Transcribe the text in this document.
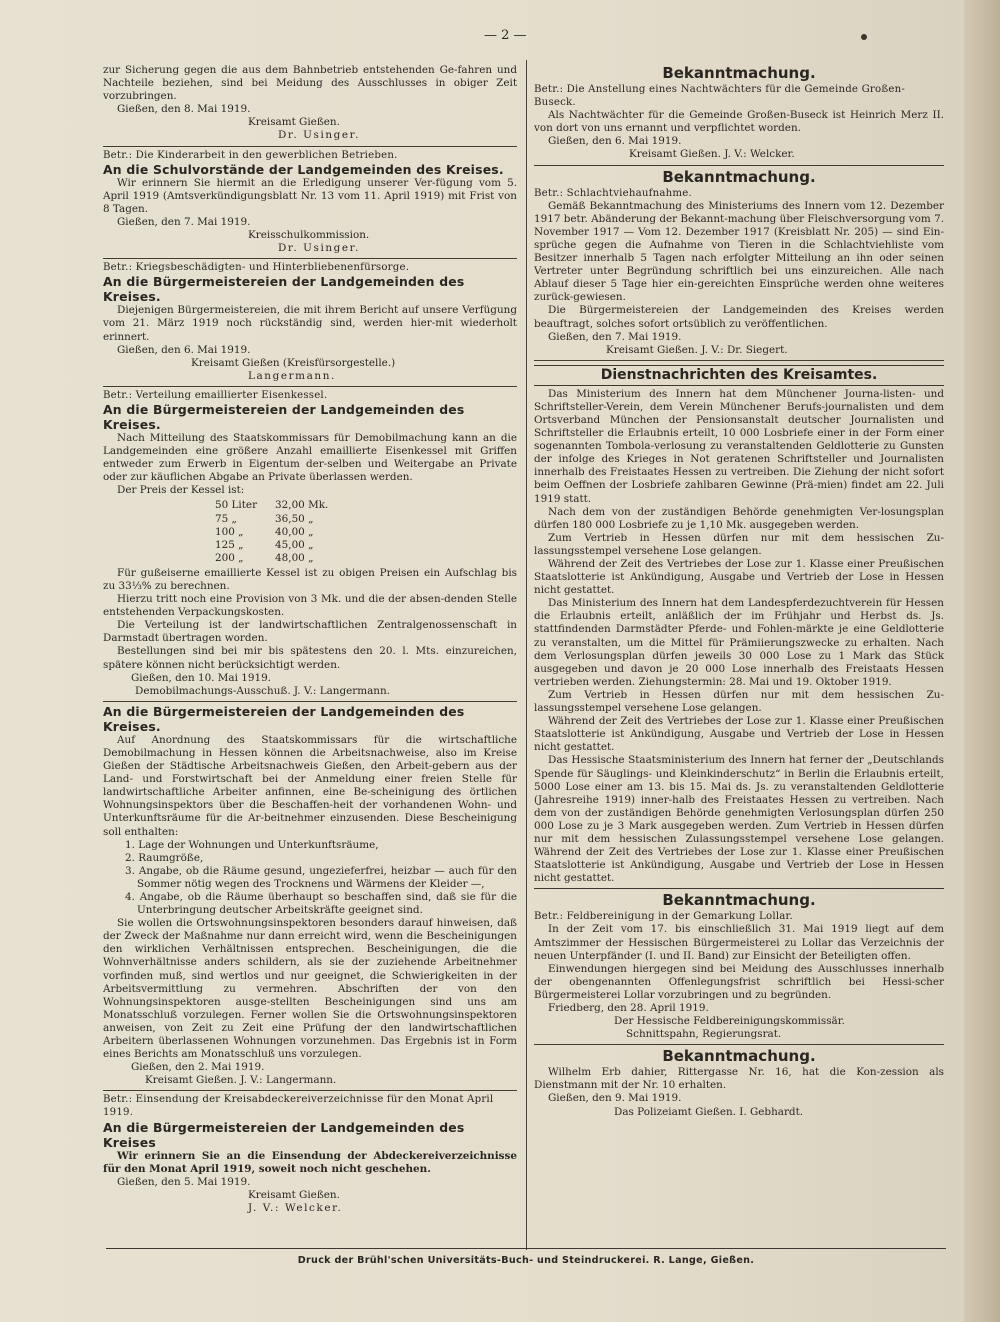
— 2 —

zur Sicherung gegen die aus dem Bahnbetrieb entstehenden Ge-fahren und Nachteile beziehen, sind bei Meidung des Ausschlusses in obiger Zeit vorzubringen.

Gießen, den 8. Mai 1919.
Kreisamt Gießen.
Dr. Usinger.
Betr.: Die Kinderarbeit in den gewerblichen Betrieben.
An die Schulvorstände der Landgemeinden des Kreises.

Wir erinnern Sie hiermit an die Erledigung unserer Ver-fügung vom 5. April 1919 (Amtsverkündigungsblatt Nr. 13 vom 11. April 1919) mit Frist von 8 Tagen.

Gießen, den 7. Mai 1919.
Kreisschulkommission.
Dr. Usinger.
Betr.: Kriegsbeschädigten- und Hinterbliebenenfürsorge.
An die Bürgermeistereien der Landgemeinden des Kreises.

Diejenigen Bürgermeistereien, die mit ihrem Bericht auf unsere Verfügung vom 21. März 1919 noch rückständig sind, werden hier-mit wiederholt erinnert.

Gießen, den 6. Mai 1919.
Kreisamt Gießen (Kreisfürsorgestelle.)
Langermann.
Betr.: Verteilung emaillierter Eisenkessel.
An die Bürgermeistereien der Landgemeinden des Kreises.

Nach Mitteilung des Staatskommissars für Demobilmachung kann an die Landgemeinden eine größere Anzahl emaillierte Eisenkessel mit Griffen entweder zum Erwerb in Eigentum der-selben und Weitergabe an Private oder zur käuflichen Abgabe an Private überlassen werden.

Der Preis der Kessel ist:

50 Liter	32,00 Mk.
75 „	36,50 „
100 „	40,00 „
125 „	45,00 „
200 „	48,00 „

Für gußeiserne emaillierte Kessel ist zu obigen Preisen ein Aufschlag bis zu 33⅓% zu berechnen.

Hierzu tritt noch eine Provision von 3 Mk. und die der absen-denden Stelle entstehenden Verpackungskosten.

Die Verteilung ist der landwirtschaftlichen Zentralgenossenschaft in Darmstadt übertragen worden.

Bestellungen sind bei mir bis spätestens den 20. l. Mts. einzureichen, spätere können nicht berücksichtigt werden.

Gießen, den 10. Mai 1919.
Demobilmachungs-Ausschuß. J. V.: Langermann.
An die Bürgermeistereien der Landgemeinden des Kreises.

Auf Anordnung des Staatskommissars für die wirtschaftliche Demobilmachung in Hessen können die Arbeitsnachweise, also im Kreise Gießen der Städtische Arbeitsnachweis Gießen, den Arbeit-gebern aus der Land- und Forstwirtschaft bei der Anmeldung einer freien Stelle für landwirtschaftliche Arbeiter anfinnen, eine Be-scheinigung des örtlichen Wohnungsinspektors über die Beschaffen-heit der vorhandenen Wohn- und Unterkunftsräume für die Ar-beitnehmer einzusenden. Diese Bescheinigung soll enthalten:

1. Lage der Wohnungen und Unterkunftsräume,

2. Raumgröße,

3. Angabe, ob die Räume gesund, ungezieferfrei, heizbar — auch für den Sommer nötig wegen des Trocknens und Wärmens der Kleider —,

4. Angabe, ob die Räume überhaupt so beschaffen sind, daß sie für die Unterbringung deutscher Arbeitskräfte geeignet sind.

Sie wollen die Ortswohnungsinspektoren besonders darauf hinweisen, daß der Zweck der Maßnahme nur dann erreicht wird, wenn die Bescheinigungen den wirklichen Verhältnissen entsprechen. Bescheinigungen, die die Wohnverhältnisse anders schildern, als sie der zuziehende Arbeitnehmer vorfinden muß, sind wertlos und nur geeignet, die Schwierigkeiten in der Arbeitsvermittlung zu vermehren. Abschriften der von den Wohnungsinspektoren ausge-stellten Bescheinigungen sind uns am Monatsschluß vorzulegen. Ferner wollen Sie die Ortswohnungsinspektoren anweisen, von Zeit zu Zeit eine Prüfung der den landwirtschaftlichen Arbeitern überlassenen Wohnungen vorzunehmen. Das Ergebnis ist in Form eines Berichts am Monatsschluß uns vorzulegen.

Gießen, den 2. Mai 1919.
Kreisamt Gießen. J. V.: Langermann.
Betr.: Einsendung der Kreisabdeckereiverzeichnisse für den Monat April 1919.
An die Bürgermeistereien der Landgemeinden des Kreises

Wir erinnern Sie an die Einsendung der Abdeckereiverzeichnisse für den Monat April 1919, soweit noch nicht geschehen.

Gießen, den 5. Mai 1919.
Kreisamt Gießen.
J. V.: Welcker.
Bekanntmachung.
Betr.: Die Anstellung eines Nachtwächters für die Gemeinde Großen-Buseck.

Als Nachtwächter für die Gemeinde Großen-Buseck ist Heinrich Merz II. von dort von uns ernannt und verpflichtet worden.

Gießen, den 6. Mai 1919.
Kreisamt Gießen. J. V.: Welcker.
Bekanntmachung.
Betr.: Schlachtviehaufnahme.

Gemäß Bekanntmachung des Ministeriums des Innern vom 12. Dezember 1917 betr. Abänderung der Bekannt-machung über Fleischversorgung vom 7. November 1917 — Vom 12. Dezember 1917 (Kreisblatt Nr. 205) — sind Ein-sprüche gegen die Aufnahme von Tieren in die Schlachtviehliste vom Besitzer innerhalb 5 Tagen nach erfolgter Mitteilung an ihn oder seinen Vertreter unter Begründung schriftlich bei uns einzureichen. Alle nach Ablauf dieser 5 Tage hier ein-gereichten Einsprüche werden ohne weiteres zurück-gewiesen.

Die Bürgermeistereien der Landgemeinden des Kreises werden beauftragt, solches sofort ortsüblich zu veröffentlichen.

Gießen, den 7. Mai 1919.
Kreisamt Gießen. J. V.: Dr. Siegert.
Dienstnachrichten des Kreisamtes.

Das Ministerium des Innern hat dem Münchener Journa-listen- und Schriftsteller-Verein, dem Verein Münchener Berufs-journalisten und dem Ortsverband München der Pensionsanstalt deutscher Journalisten und Schriftsteller die Erlaubnis erteilt, 10 000 Losbriefe einer in der Form einer sogenannten Tombola-verlosung zu veranstaltenden Geldlotterie zu Gunsten der infolge des Krieges in Not geratenen Schriftsteller und Journalisten innerhalb des Freistaates Hessen zu vertreiben. Die Ziehung der nicht sofort beim Oeffnen der Losbriefe zahlbaren Gewinne (Prä-mien) findet am 22. Juli 1919 statt.

Nach dem von der zuständigen Behörde genehmigten Ver-losungsplan dürfen 180 000 Losbriefe zu je 1,10 Mk. ausgegeben werden.

Zum Vertrieb in Hessen dürfen nur mit dem hessischen Zu-lassungsstempel versehene Lose gelangen.

Während der Zeit des Vertriebes der Lose zur 1. Klasse einer Preußischen Staatslotterie ist Ankündigung, Ausgabe und Vertrieb der Lose in Hessen nicht gestattet.

Das Ministerium des Innern hat dem Landespferdezuchtverein für Hessen die Erlaubnis erteilt, anläßlich der im Frühjahr und Herbst ds. Js. stattfindenden Darmstädter Pferde- und Fohlen-märkte je eine Geldlotterie zu veranstalten, um die Mittel für Prämiierungszwecke zu erhalten. Nach dem Verlosungsplan dürfen jeweils 30 000 Lose zu 1 Mark das Stück ausgegeben und davon je 20 000 Lose innerhalb des Freistaats Hessen vertrieben werden. Ziehungstermin: 28. Mai und 19. Oktober 1919.

Zum Vertrieb in Hessen dürfen nur mit dem hessischen Zu-lassungsstempel versehene Lose gelangen.

Während der Zeit des Vertriebes der Lose zur 1. Klasse einer Preußischen Staatslotterie ist Ankündigung, Ausgabe und Vertrieb der Lose in Hessen nicht gestattet.

Das Hessische Staatsministerium des Innern hat ferner der „Deutschlands Spende für Säuglings- und Kleinkinderschutz“ in Berlin die Erlaubnis erteilt, 5000 Lose einer am 13. bis 15. Mai ds. Js. zu veranstaltenden Geldlotterie (Jahresreihe 1919) inner-halb des Freistaates Hessen zu vertreiben. Nach dem von der zuständigen Behörde genehmigten Verlosungsplan dürfen 250 000 Lose zu je 3 Mark ausgegeben werden. Zum Vertrieb in Hessen dürfen nur mit dem hessischen Zulassungsstempel versehene Lose gelangen. Während der Zeit des Vertriebes der Lose zur 1. Klasse einer Preußischen Staatslotterie ist Ankündigung, Ausgabe und Vertrieb der Lose in Hessen nicht gestattet.

Bekanntmachung.
Betr.: Feldbereinigung in der Gemarkung Lollar.

In der Zeit vom 17. bis einschließlich 31. Mai 1919 liegt auf dem Amtszimmer der Hessischen Bürgermeisterei zu Lollar das Verzeichnis der neuen Unterpfänder (I. und II. Band) zur Einsicht der Beteiligten offen.

Einwendungen hiergegen sind bei Meidung des Ausschlusses innerhalb der obengenannten Offenlegungsfrist schriftlich bei Hessi-scher Bürgermeisterei Lollar vorzubringen und zu begründen.

Friedberg, den 28. April 1919.
Der Hessische Feldbereinigungskommissär.
Schnittspahn, Regierungsrat.
Bekanntmachung.

Wilhelm Erb dahier, Rittergasse Nr. 16, hat die Kon-zession als Dienstmann mit der Nr. 10 erhalten.

Gießen, den 9. Mai 1919.
Das Polizeiamt Gießen. I. Gebhardt.
Druck der Brühl'schen Universitäts-Buch- und Steindruckerei. R. Lange, Gießen.
